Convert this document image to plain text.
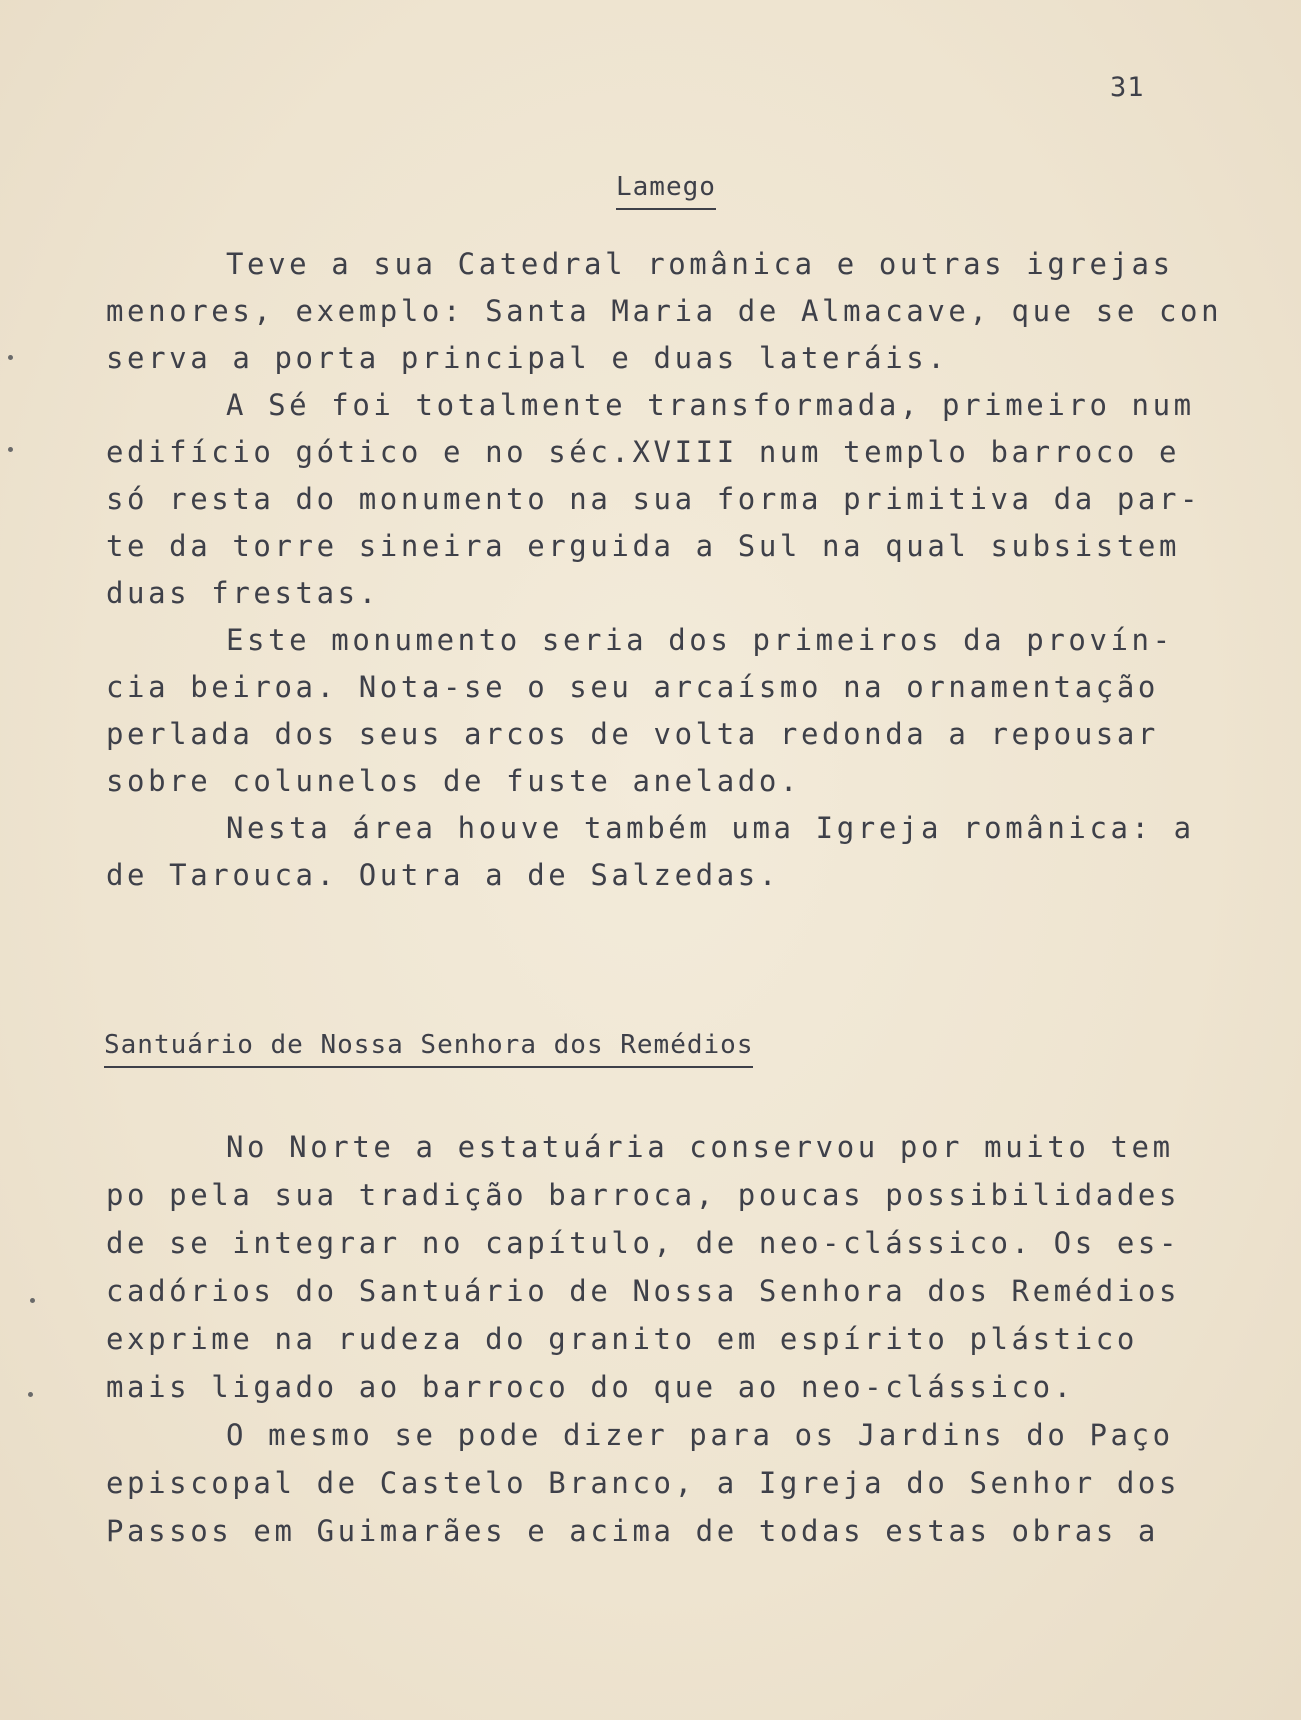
31
Lamego
Teve a sua Catedral românica e outras igrejas
menores, exemplo: Santa Maria de Almacave, que se con
serva a porta principal e duas lateráis.
A Sé foi totalmente transformada, primeiro num
edifício gótico e no séc.XVIII num templo barroco e
só resta do monumento na sua forma primitiva da par-
te da torre sineira erguida a Sul na qual subsistem
duas frestas.
Este monumento seria dos primeiros da provín-
cia beiroa. Nota-se o seu arcaísmo na ornamentação
perlada dos seus arcos de volta redonda a repousar
sobre colunelos de fuste anelado.
Nesta área houve também uma Igreja românica: a
de Tarouca. Outra a de Salzedas.
Santuário de Nossa Senhora dos Remédios
No Norte a estatuária conservou por muito tem
po pela sua tradição barroca, poucas possibilidades
de se integrar no capítulo, de neo-clássico. Os es-
cadórios do Santuário de Nossa Senhora dos Remédios
exprime na rudeza do granito em espírito plástico
mais ligado ao barroco do que ao neo-clássico.
O mesmo se pode dizer para os Jardins do Paço
episcopal de Castelo Branco, a Igreja do Senhor dos
Passos em Guimarães e acima de todas estas obras a
